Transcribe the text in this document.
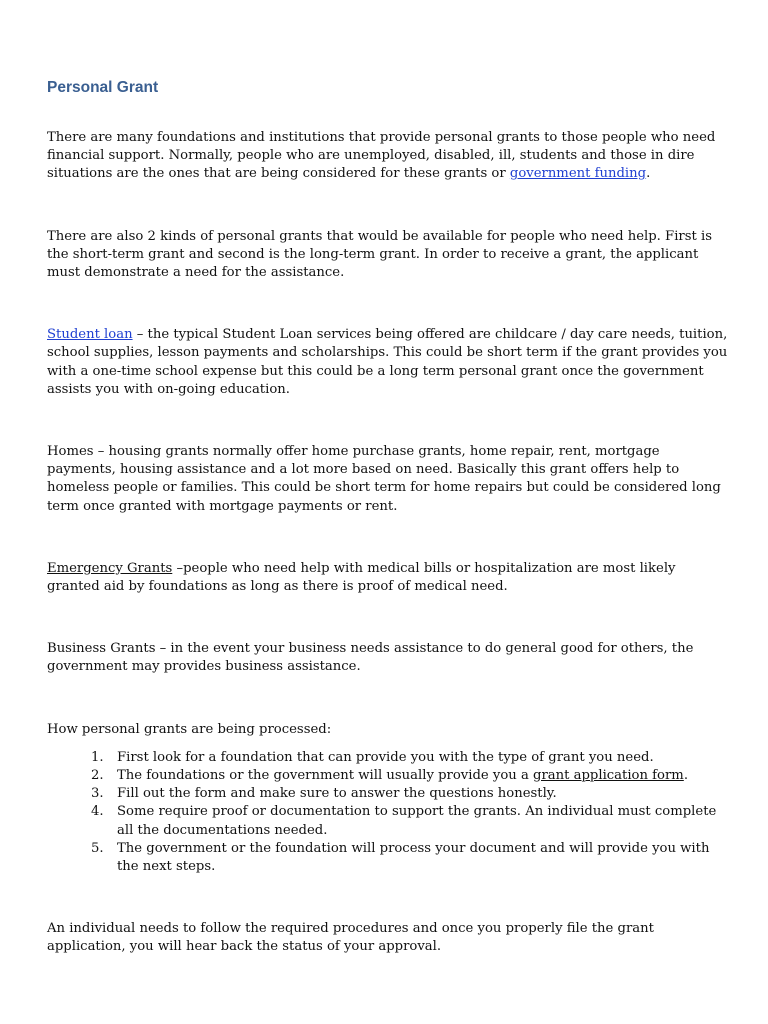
Personal Grant

There are many foundations and institutions that provide personal grants to those people who need financial support. Normally, people who are unemployed, disabled, ill, students and those in dire situations are the ones that are being considered for these grants or government funding.

There are also 2 kinds of personal grants that would be available for people who need help. First is the short-term grant and second is the long-term grant. In order to receive a grant, the applicant must demonstrate a need for the assistance.

Student loan – the typical Student Loan services being offered are childcare / day care needs, tuition, school supplies, lesson payments and scholarships. This could be short term if the grant provides you with a one-time school expense but this could be a long term personal grant once the government assists you with on-going education.

Homes – housing grants normally offer home purchase grants, home repair, rent, mortgage payments, housing assistance and a lot more based on need. Basically this grant offers help to homeless people or families. This could be short term for home repairs but could be considered long term once granted with mortgage payments or rent.

Emergency Grants –people who need help with medical bills or hospitalization are most likely granted aid by foundations as long as there is proof of medical need.

Business Grants – in the event your business needs assistance to do general good for others, the government may provides business assistance.

How personal grants are being processed:

1. First look for a foundation that can provide you with the type of grant you need.
2. The foundations or the government will usually provide you a grant application form.
3. Fill out the form and make sure to answer the questions honestly.
4. Some require proof or documentation to support the grants. An individual must complete all the documentations needed.
5. The government or the foundation will process your document and will provide you with the next steps.

An individual needs to follow the required procedures and once you properly file the grant application, you will hear back the status of your approval.
